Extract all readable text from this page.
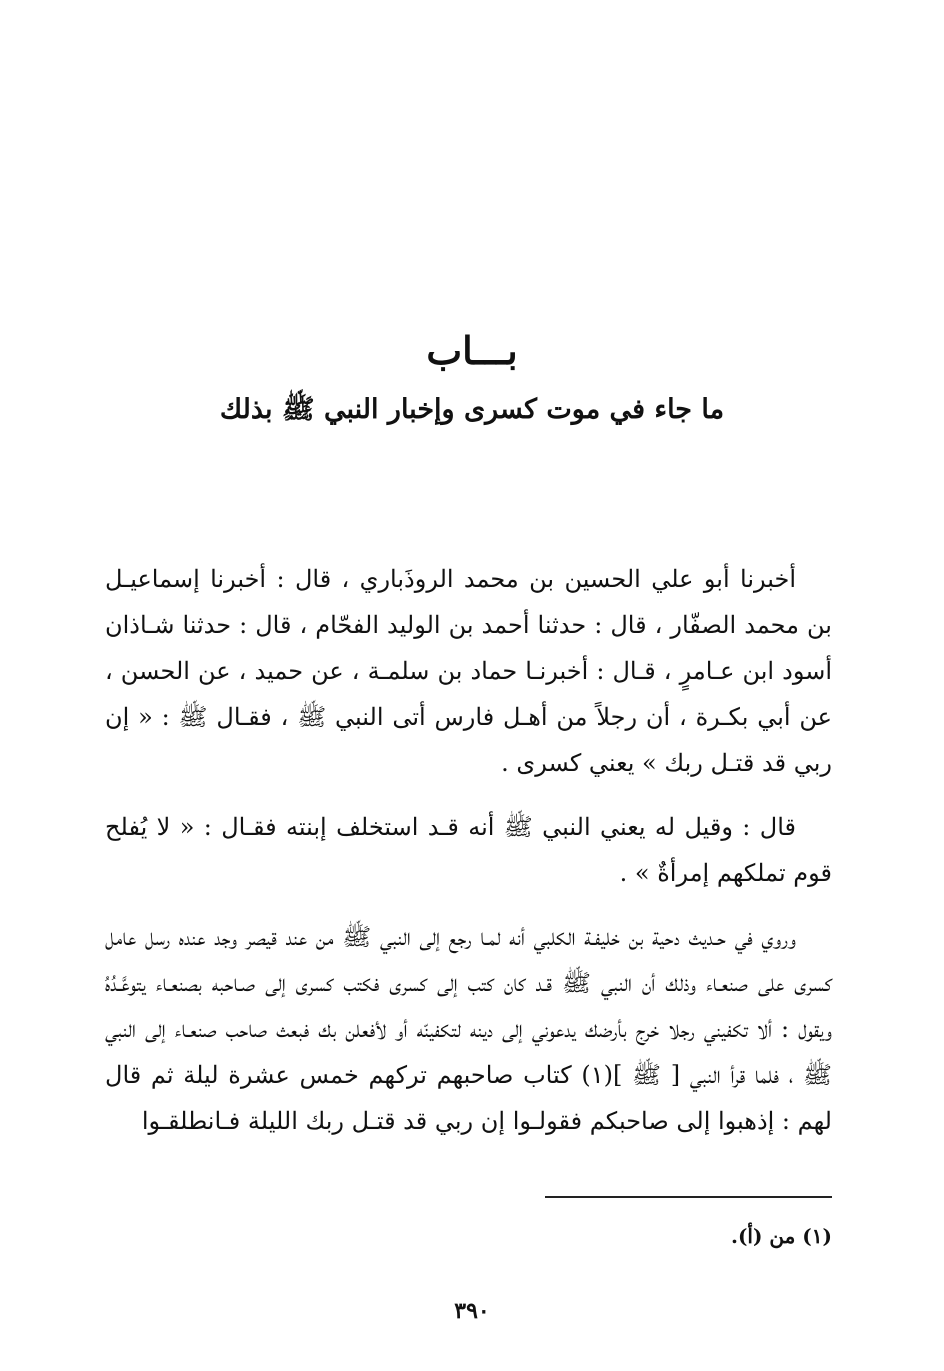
بـــاب
ما جاء في موت كسرى وإخبار النبي ﷺ بذلك

أخبرنا أبو علي الحسين بن محمد الروذَباري ، قال : أخبرنا إسماعيـل بن محمد الصفّار ، قال : حدثنا أحمد بن الوليد الفحّام ، قال : حدثنا شـاذان أسود ابن عـامرٍ ، قـال : أخبرنـا حماد بن سلمـة ، عن حميد ، عن الحسن ، عن أبي بكـرة ، أن رجلاً من أهـل فارس أتى النبي ﷺ ، فقـال ﷺ : « إن ربي قد قتـل ربك » يعني كسرى .

قال : وقيل له يعني النبي ﷺ أنه قـد استخلف إبنته فقـال : « لا يُفلح قوم تملكهم إمرأةٌ » .

وروي في حـديث دحية بن خليفـة الكلبي أنه لمـا رجع إلى النبي ﷺ من عند قيصر وجد عنده رسل عامل كسرى على صنعـاء وذلك أن النبي ﷺ قـد كان كتب إلى كسرى فكتب كسرى إلى صـاحبه بصنعـاء يتوعَّـدُهُ ويقول : ألا تكفيني رجلا خرج بأرضك يدعوني إلى دينه لتكفينّه أو لأفعلن بك فبعث صاحب صنعـاء إلى النبي ﷺ ، فلما قرأ النبي [ ﷺ ](١) كتاب صاحبهم تركهم خمس عشرة ليلة ثم قال لهم : إذهبوا إلى صاحبكم فقولـوا إن ربي قد قتـل ربك الليلة فـانطلقـوا

(١) من (أ).
٣٩٠
